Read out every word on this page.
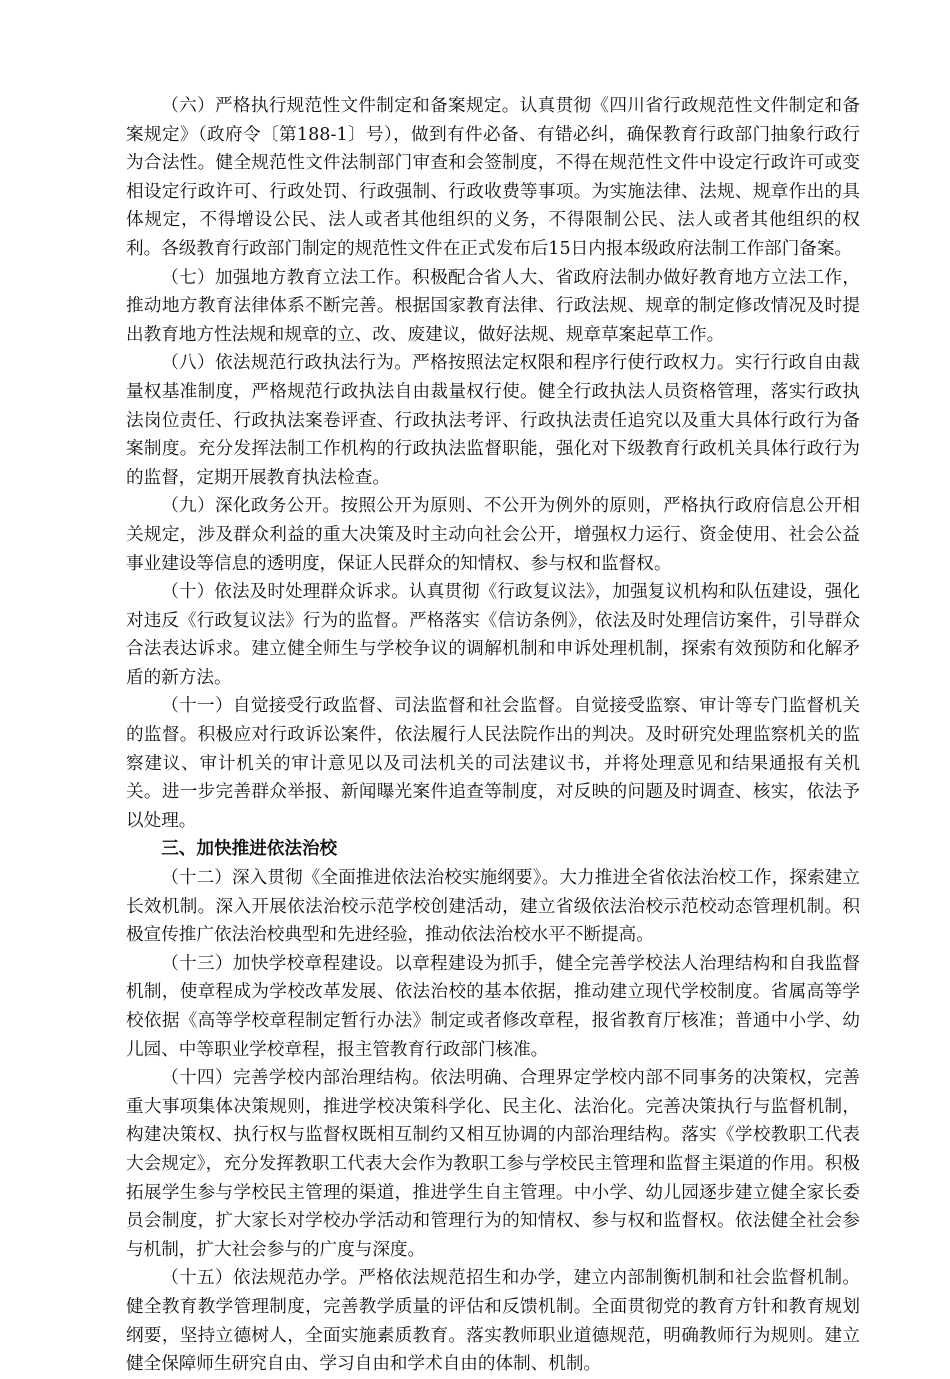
（六）严格执行规范性文件制定和备案规定。认真贯彻《四川省行政规范性文件制定和备案规定》（政府令〔第188-1〕号），做到有件必备、有错必纠，确保教育行政部门抽象行政行为合法性。健全规范性文件法制部门审查和会签制度，不得在规范性文件中设定行政许可或变相设定行政许可、行政处罚、行政强制、行政收费等事项。为实施法律、法规、规章作出的具体规定，不得增设公民、法人或者其他组织的义务，不得限制公民、法人或者其他组织的权利。各级教育行政部门制定的规范性文件在正式发布后15日内报本级政府法制工作部门备案。

（七）加强地方教育立法工作。积极配合省人大、省政府法制办做好教育地方立法工作，推动地方教育法律体系不断完善。根据国家教育法律、行政法规、规章的制定修改情况及时提出教育地方性法规和规章的立、改、废建议，做好法规、规章草案起草工作。

（八）依法规范行政执法行为。严格按照法定权限和程序行使行政权力。实行行政自由裁量权基准制度，严格规范行政执法自由裁量权行使。健全行政执法人员资格管理，落实行政执法岗位责任、行政执法案卷评查、行政执法考评、行政执法责任追究以及重大具体行政行为备案制度。充分发挥法制工作机构的行政执法监督职能，强化对下级教育行政机关具体行政行为的监督，定期开展教育执法检查。

（九）深化政务公开。按照公开为原则、不公开为例外的原则，严格执行政府信息公开相关规定，涉及群众利益的重大决策及时主动向社会公开，增强权力运行、资金使用、社会公益事业建设等信息的透明度，保证人民群众的知情权、参与权和监督权。

（十）依法及时处理群众诉求。认真贯彻《行政复议法》，加强复议机构和队伍建设，强化对违反《行政复议法》行为的监督。严格落实《信访条例》，依法及时处理信访案件，引导群众合法表达诉求。建立健全师生与学校争议的调解机制和申诉处理机制，探索有效预防和化解矛盾的新方法。

（十一）自觉接受行政监督、司法监督和社会监督。自觉接受监察、审计等专门监督机关的监督。积极应对行政诉讼案件，依法履行人民法院作出的判决。及时研究处理监察机关的监察建议、审计机关的审计意见以及司法机关的司法建议书，并将处理意见和结果通报有关机关。进一步完善群众举报、新闻曝光案件追查等制度，对反映的问题及时调查、核实，依法予以处理。

三、加快推进依法治校

（十二）深入贯彻《全面推进依法治校实施纲要》。大力推进全省依法治校工作，探索建立长效机制。深入开展依法治校示范学校创建活动，建立省级依法治校示范校动态管理机制。积极宣传推广依法治校典型和先进经验，推动依法治校水平不断提高。

（十三）加快学校章程建设。以章程建设为抓手，健全完善学校法人治理结构和自我监督机制，使章程成为学校改革发展、依法治校的基本依据，推动建立现代学校制度。省属高等学校依据《高等学校章程制定暂行办法》制定或者修改章程，报省教育厅核准；普通中小学、幼儿园、中等职业学校章程，报主管教育行政部门核准。

（十四）完善学校内部治理结构。依法明确、合理界定学校内部不同事务的决策权，完善重大事项集体决策规则，推进学校决策科学化、民主化、法治化。完善决策执行与监督机制，构建决策权、执行权与监督权既相互制约又相互协调的内部治理结构。落实《学校教职工代表大会规定》，充分发挥教职工代表大会作为教职工参与学校民主管理和监督主渠道的作用。积极拓展学生参与学校民主管理的渠道，推进学生自主管理。中小学、幼儿园逐步建立健全家长委员会制度，扩大家长对学校办学活动和管理行为的知情权、参与权和监督权。依法健全社会参与机制，扩大社会参与的广度与深度。

（十五）依法规范办学。严格依法规范招生和办学，建立内部制衡机制和社会监督机制。健全教育教学管理制度，完善教学质量的评估和反馈机制。全面贯彻党的教育方针和教育规划纲要，坚持立德树人，全面实施素质教育。落实教师职业道德规范，明确教师行为规则。建立健全保障师生研究自由、学习自由和学术自由的体制、机制。
